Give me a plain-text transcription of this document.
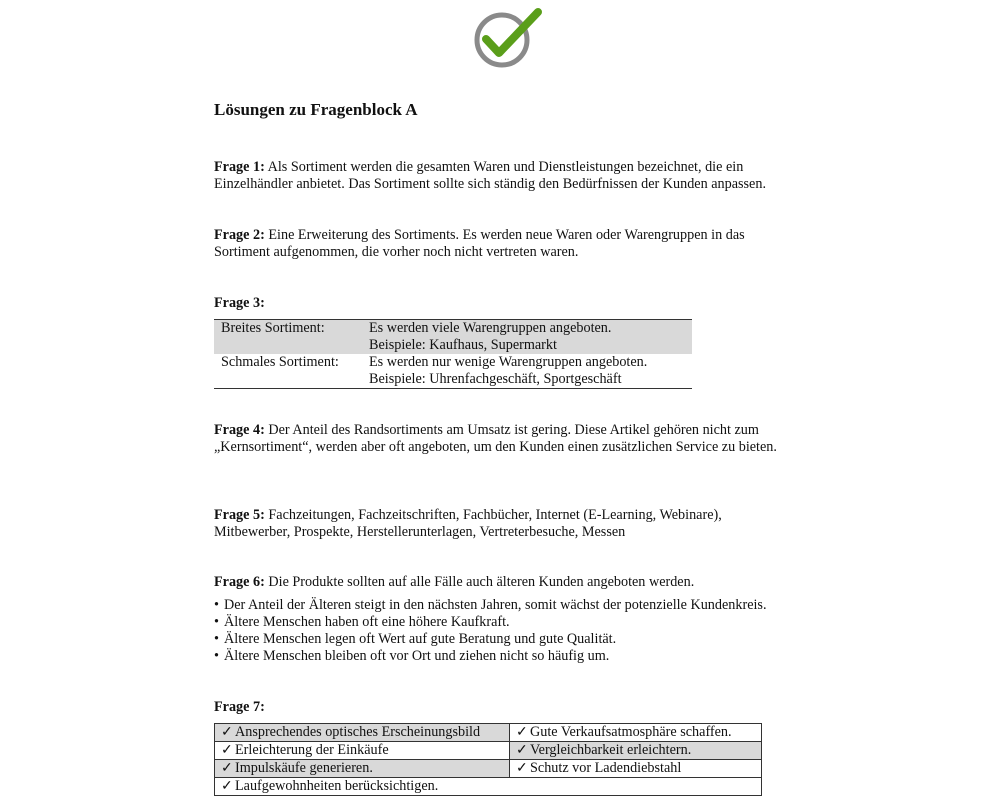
Lösungen zu Fragenblock A

Frage 1: Als Sortiment werden die gesamten Waren und Dienstleistungen bezeichnet, die ein Einzelhändler anbietet. Das Sortiment sollte sich ständig den Bedürfnissen der Kunden anpassen.

Frage 2: Eine Erweiterung des Sortiments. Es werden neue Waren oder Warengruppen in das Sortiment aufgenommen, die vorher noch nicht vertreten waren.

Frage 3:

Breites Sortiment:	Es werden viele Warengruppen angeboten.
Beispiele: Kaufhaus, Supermarkt

Schmales Sortiment:	Es werden nur wenige Warengruppen angeboten.
Beispiele: Uhrenfachgeschäft, Sportgeschäft

Frage 4: Der Anteil des Randsortiments am Umsatz ist gering. Diese Artikel gehören nicht zum „Kernsortiment“, werden aber oft angeboten, um den Kunden einen zusätzlichen Service zu bieten.

Frage 5: Fachzeitungen, Fachzeitschriften, Fachbücher, Internet (E-Learning, Webinare), Mitbewerber, Prospekte, Herstellerunterlagen, Vertreterbesuche, Messen

Frage 6: Die Produkte sollten auf alle Fälle auch älteren Kunden angeboten werden.

• Der Anteil der Älteren steigt in den nächsten Jahren, somit wächst der potenzielle Kundenkreis.
• Ältere Menschen haben oft eine höhere Kaufkraft.
• Ältere Menschen legen oft Wert auf gute Beratung und gute Qualität.
• Ältere Menschen bleiben oft vor Ort und ziehen nicht so häufig um.

Frage 7:

✓ Ansprechendes optisches Erscheinungsbild	✓ Gute Verkaufsatmosphäre schaffen.
✓ Erleichterung der Einkäufe	✓ Vergleichbarkeit erleichtern.
✓ Impulskäufe generieren.	✓ Schutz vor Ladendiebstahl
✓ Laufgewohnheiten berücksichtigen.	
